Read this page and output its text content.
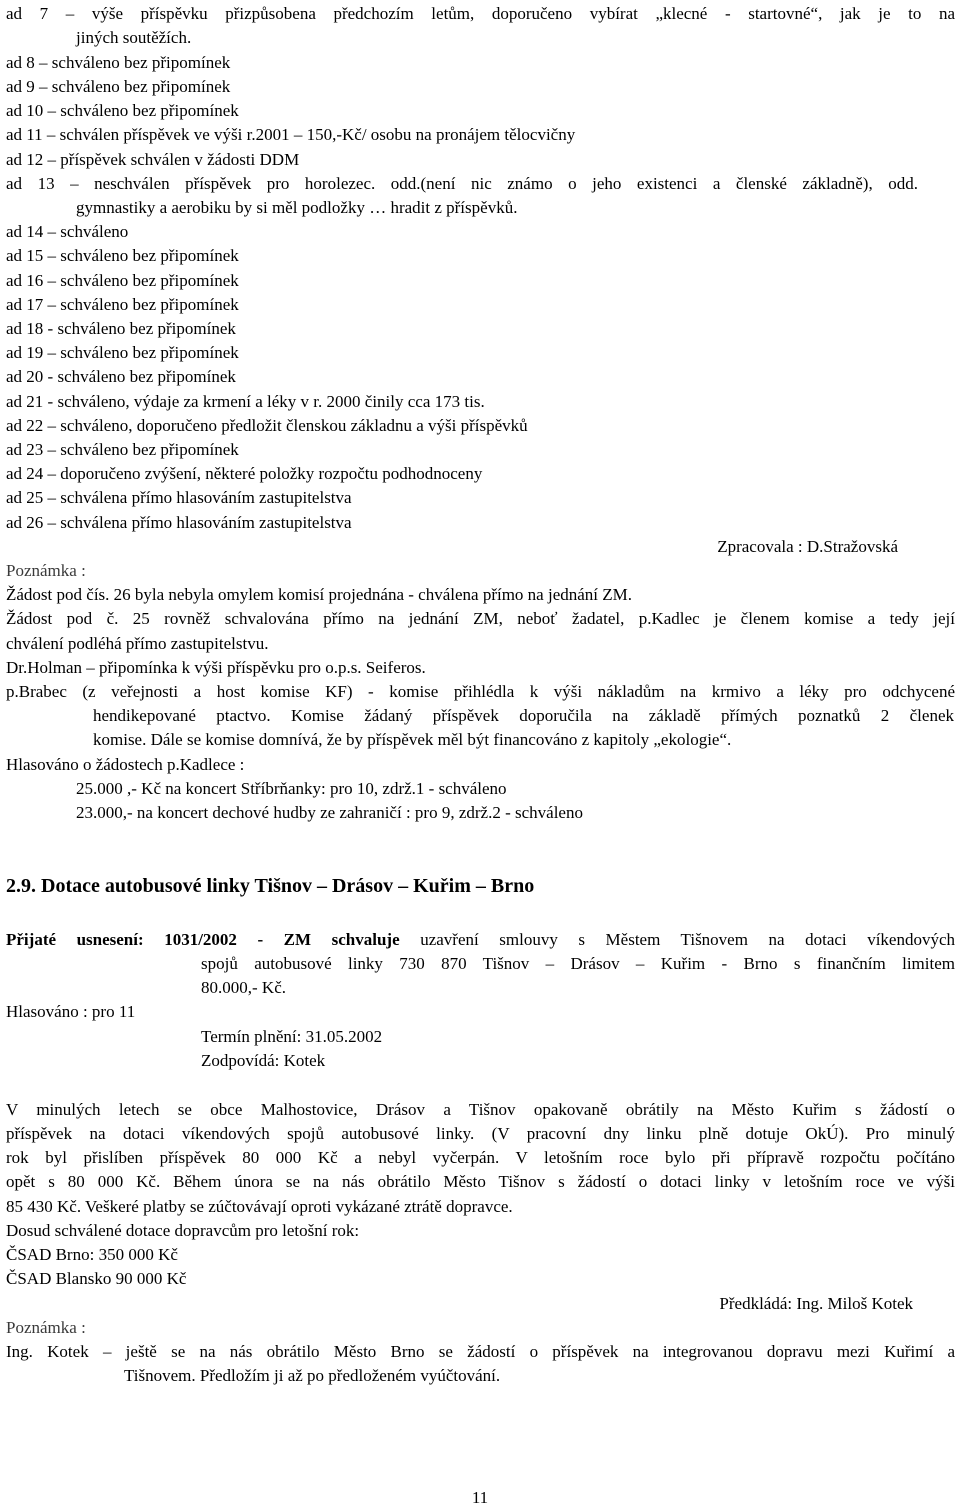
ad 7 – výše příspěvku přizpůsobena předchozím letům, doporučeno vybírat „klecné - startovné“, jak je to na
jiných soutěžích.
ad 8 – schváleno bez připomínek
ad 9 – schváleno bez připomínek
ad 10 – schváleno bez připomínek
ad 11 – schválen příspěvek ve výši r.2001 – 150,-Kč/ osobu na pronájem tělocvičny
ad 12 – příspěvek schválen v žádosti DDM
ad 13 – neschválen příspěvek pro horolezec. odd.(není nic známo o jeho existenci a členské základně), odd.
gymnastiky a aerobiku by si měl podložky … hradit z příspěvků.
ad 14 – schváleno
ad 15 – schváleno bez připomínek
ad 16 – schváleno bez připomínek
ad 17 – schváleno bez připomínek
ad 18 - schváleno bez připomínek
ad 19 – schváleno bez připomínek
ad 20 - schváleno bez připomínek
ad 21 - schváleno, výdaje za krmení a léky v r. 2000 činily cca 173 tis.
ad 22 – schváleno, doporučeno předložit členskou základnu a výši příspěvků
ad 23 – schváleno bez připomínek
ad 24 – doporučeno zvýšení, některé položky rozpočtu podhodnoceny
ad 25 – schválena přímo hlasováním zastupitelstva
ad 26 – schválena přímo hlasováním zastupitelstva
Zpracovala : D.Stražovská
Poznámka :
Žádost pod čís. 26 byla nebyla omylem komisí projednána - chválena přímo na jednání ZM.
Žádost pod č. 25 rovněž schvalována přímo na jednání ZM, neboť žadatel, p.Kadlec je členem komise a tedy její
chválení podléhá přímo zastupitelstvu.
Dr.Holman – připomínka k výši příspěvku pro o.p.s. Seiferos.
p.Brabec (z veřejnosti a host komise KF) - komise přihlédla k výši nákladům na krmivo a léky pro odchycené
hendikepované ptactvo. Komise žádaný příspěvek doporučila na základě přímých poznatků 2 členek
komise. Dále se komise domnívá, že by příspěvek měl být financováno z kapitoly „ekologie“.
Hlasováno o žádostech p.Kadlece :
25.000 ,- Kč na koncert Stříbrňanky: pro 10, zdrž.1 - schváleno
23.000,- na koncert dechové hudby ze zahraničí : pro 9, zdrž.2 - schváleno
2.9. Dotace autobusové linky Tišnov – Drásov – Kuřim – Brno
Přijaté usnesení: 1031/2002 - ZM schvaluje uzavření smlouvy s Městem Tišnovem na dotaci víkendových
spojů autobusové linky 730 870 Tišnov – Drásov – Kuřim - Brno s finančním limitem
80.000,- Kč.
Hlasováno : pro 11
Termín plnění: 31.05.2002
Zodpovídá: Kotek
V minulých letech se obce Malhostovice, Drásov a Tišnov opakovaně obrátily na Město Kuřim s žádostí o
příspěvek na dotaci víkendových spojů autobusové linky. (V pracovní dny linku plně dotuje OkÚ). Pro minulý
rok byl přislíben příspěvek 80 000 Kč a nebyl vyčerpán. V letošním roce bylo při přípravě rozpočtu počítáno
opět s 80 000 Kč. Během února se na nás obrátilo Město Tišnov s žádostí o dotaci linky v letošním roce ve výši
85 430 Kč. Veškeré platby se zúčtovávají oproti vykázané ztrátě dopravce.
Dosud schválené dotace dopravcům pro letošní rok:
ČSAD Brno: 350 000 Kč
ČSAD Blansko 90 000 Kč
Předkládá: Ing. Miloš Kotek
Poznámka :
Ing. Kotek – ještě se na nás obrátilo Město Brno se žádostí o příspěvek na integrovanou dopravu mezi Kuřimí a
Tišnovem. Předložím ji až po předloženém vyúčtování.
11
